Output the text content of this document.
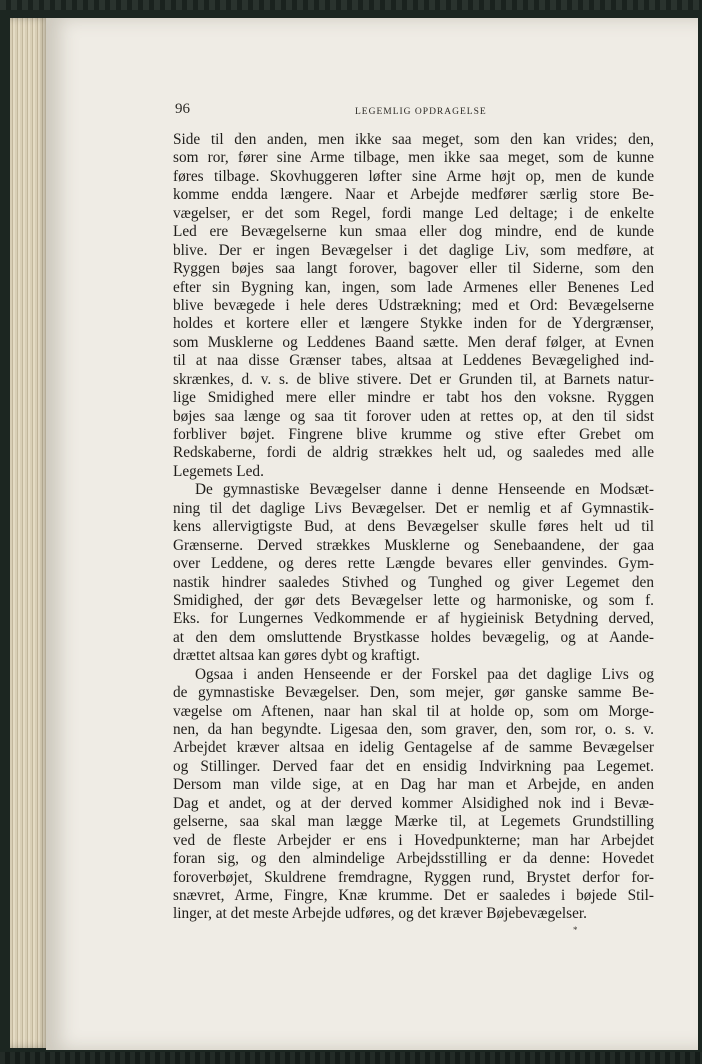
96	LEGEMLIG OPDRAGELSE
Side til den anden, men ikke saa meget, som den kan vrides; den,
som ror, fører sine Arme tilbage, men ikke saa meget, som de kunne
føres tilbage. Skovhuggeren løfter sine Arme højt op, men de kunde
komme endda længere. Naar et Arbejde medfører særlig store Be-
vægelser, er det som Regel, fordi mange Led deltage; i de enkelte
Led ere Bevægelserne kun smaa eller dog mindre, end de kunde
blive. Der er ingen Bevægelser i det daglige Liv, som medføre, at
Ryggen bøjes saa langt forover, bagover eller til Siderne, som den
efter sin Bygning kan, ingen, som lade Armenes eller Benenes Led
blive bevægede i hele deres Udstrækning; med et Ord: Bevægelserne
holdes et kortere eller et længere Stykke inden for de Ydergrænser,
som Musklerne og Leddenes Baand sætte. Men deraf følger, at Evnen
til at naa disse Grænser tabes, altsaa at Leddenes Bevægelighed ind-
skrænkes, d. v. s. de blive stivere. Det er Grunden til, at Barnets natur-
lige Smidighed mere eller mindre er tabt hos den voksne. Ryggen
bøjes saa længe og saa tit forover uden at rettes op, at den til sidst
forbliver bøjet. Fingrene blive krumme og stive efter Grebet om
Redskaberne, fordi de aldrig strækkes helt ud, og saaledes med alle
Legemets Led.
De gymnastiske Bevægelser danne i denne Henseende en Modsæt-
ning til det daglige Livs Bevægelser. Det er nemlig et af Gymnastik-
kens allervigtigste Bud, at dens Bevægelser skulle føres helt ud til
Grænserne. Derved strækkes Musklerne og Senebaandene, der gaa
over Leddene, og deres rette Længde bevares eller genvindes. Gym-
nastik hindrer saaledes Stivhed og Tunghed og giver Legemet den
Smidighed, der gør dets Bevægelser lette og harmoniske, og som f.
Eks. for Lungernes Vedkommende er af hygieinisk Betydning derved,
at den dem omsluttende Brystkasse holdes bevægelig, og at Aande-
drættet altsaa kan gøres dybt og kraftigt.
Ogsaa i anden Henseende er der Forskel paa det daglige Livs og
de gymnastiske Bevægelser. Den, som mejer, gør ganske samme Be-
vægelse om Aftenen, naar han skal til at holde op, som om Morge-
nen, da han begyndte. Ligesaa den, som graver, den, som ror, o. s. v.
Arbejdet kræver altsaa en idelig Gentagelse af de samme Bevægelser
og Stillinger. Derved faar det en ensidig Indvirkning paa Legemet.
Dersom man vilde sige, at en Dag har man et Arbejde, en anden
Dag et andet, og at der derved kommer Alsidighed nok ind i Bevæ-
gelserne, saa skal man lægge Mærke til, at Legemets Grundstilling
ved de fleste Arbejder er ens i Hovedpunkterne; man har Arbejdet
foran sig, og den almindelige Arbejdsstilling er da denne: Hovedet
foroverbøjet, Skuldrene fremdragne, Ryggen rund, Brystet derfor for-
snævret, Arme, Fingre, Knæ krumme. Det er saaledes i bøjede Stil-
linger, at det meste Arbejde udføres, og det kræver Bøjebevægelser.
*
